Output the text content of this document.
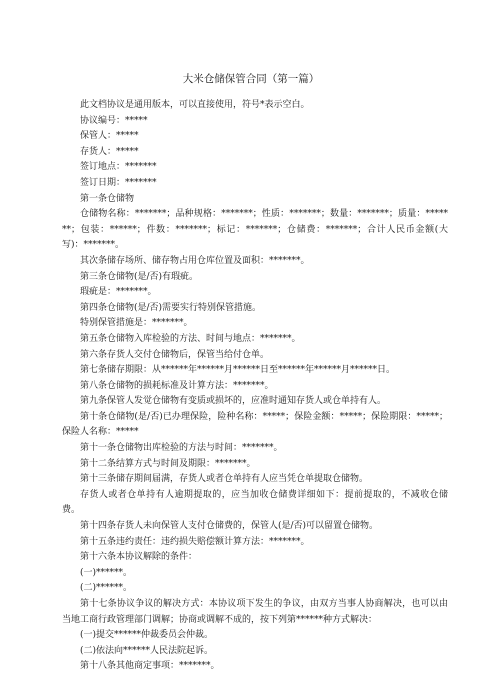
大米仓储保管合同（第一篇）

此文档协议是通用版本，可以直接使用，符号*表示空白。

协议编号：*****

保管人：*****

存货人：*****

签订地点：*******

签订日期：*******

第一条仓储物

仓储物名称：*******；品种规格：*******；性质：*******；数量：*******；质量：*******；包装：******；件数：*******；标记：*******；仓储费：*******；合计人民币金额(大写)：*******。

其次条储存场所、储存物占用仓库位置及面积：*******。

第三条仓储物(是/否)有瑕疵。

瑕疵是：*******。

第四条仓储物(是/否)需要实行特别保管措施。

特别保管措施是：*******。

第五条仓储物入库检验的方法、时间与地点：*******。

第六条存货人交付仓储物后，保管当给付仓单。

第七条储存期限：从******年******月******日至******年******月******日。

第八条仓储物的损耗标准及计算方法：*******。

第九条保管人发觉仓储物有变质或损坏的，应准时通知存货人或仓单持有人。

第十条仓储物(是/否)已办理保险，险种名称：*****；保险金额：*****；保险期限：*****；保险人名称：*****

第十一条仓储物出库检验的方法与时间：*******。

第十二条结算方式与时间及期限：*******。

第十三条储存期间届满，存货人或者仓单持有人应当凭仓单提取仓储物。

存货人或者仓单持有人逾期提取的，应当加收仓储费详细如下：提前提取的，不减收仓储费。

第十四条存货人未向保管人支付仓储费的，保管人(是/否)可以留置仓储物。

第十五条违约责任：违约损失赔偿额计算方法：*******。

第十六条本协议解除的条件：

(一)******。

(二)******。

第十七条协议争议的解决方式：本协议项下发生的争议，由双方当事人协商解决，也可以由当地工商行政管理部门调解；协商或调解不成的，按下列第******种方式解决：

(一)提交******仲裁委员会仲裁。

(二)依法向******人民法院起诉。

第十八条其他商定事项：*******。
